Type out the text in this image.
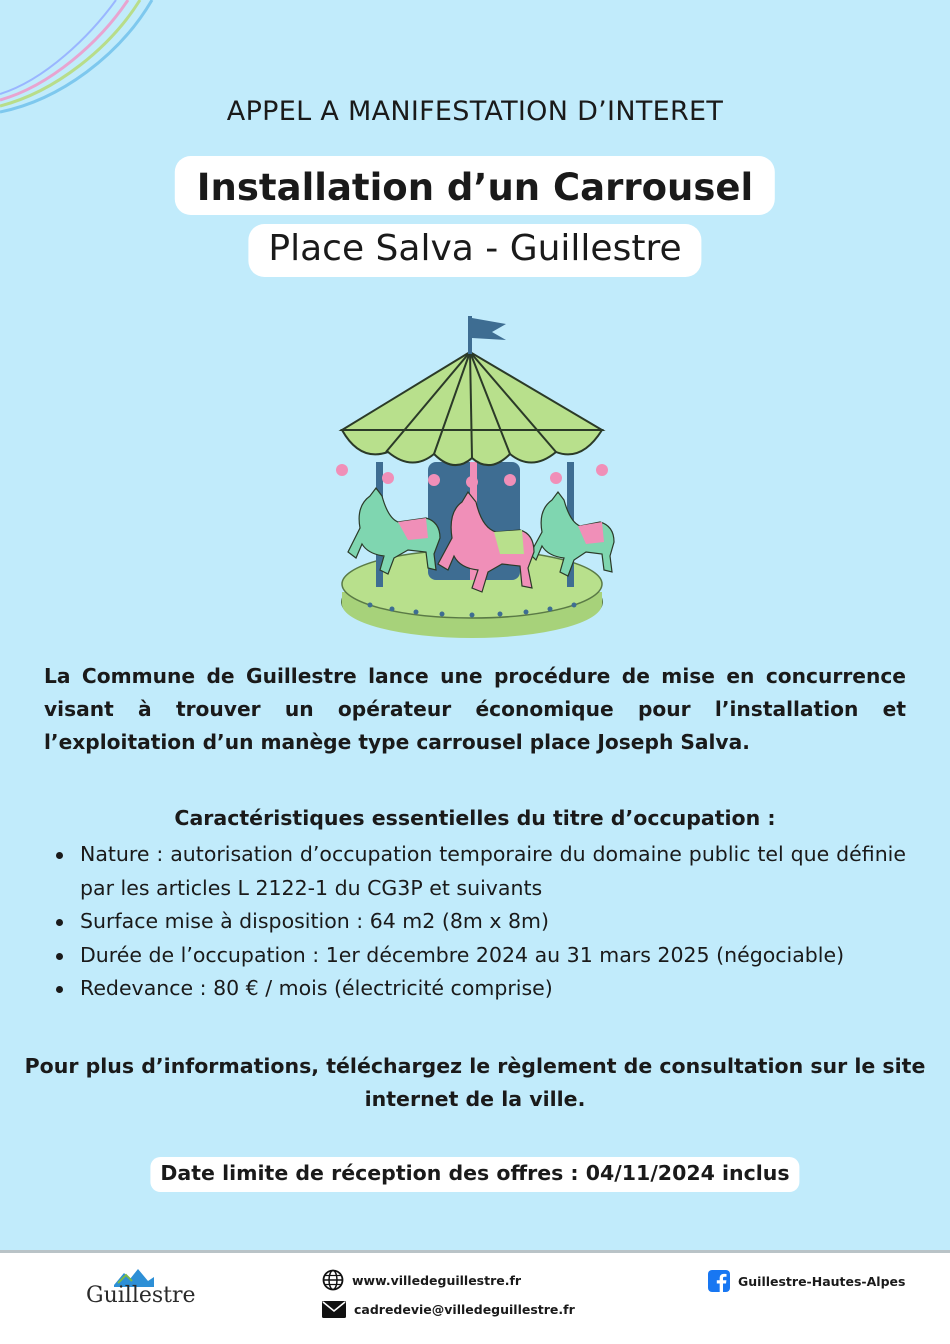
APPEL A MANIFESTATION D’INTERET
Installation d’un Carrousel
Place Salva - Guillestre

La Commune de Guillestre lance une procédure de mise en concurrence visant à trouver un opérateur économique pour l’installation et l’exploitation d’un manège type carrousel place Joseph Salva.

Caractéristiques essentielles du titre d’occupation :
Nature : autorisation d’occupation temporaire du domaine public tel que définie par les articles L 2122-1 du CG3P et suivants
Surface mise à disposition : 64 m2 (8m x 8m)
Durée de l’occupation : 1er décembre 2024 au 31 mars 2025 (négociable)
Redevance : 80 € / mois (électricité comprise)

Pour plus d’informations, téléchargez le règlement de consultation sur le site internet de la ville.

Date limite de réception des offres : 04/11/2024 inclus
Guillestre
www.villedeguillestre.fr
cadredevie@villedeguillestre.fr
Guillestre-Hautes-Alpes
